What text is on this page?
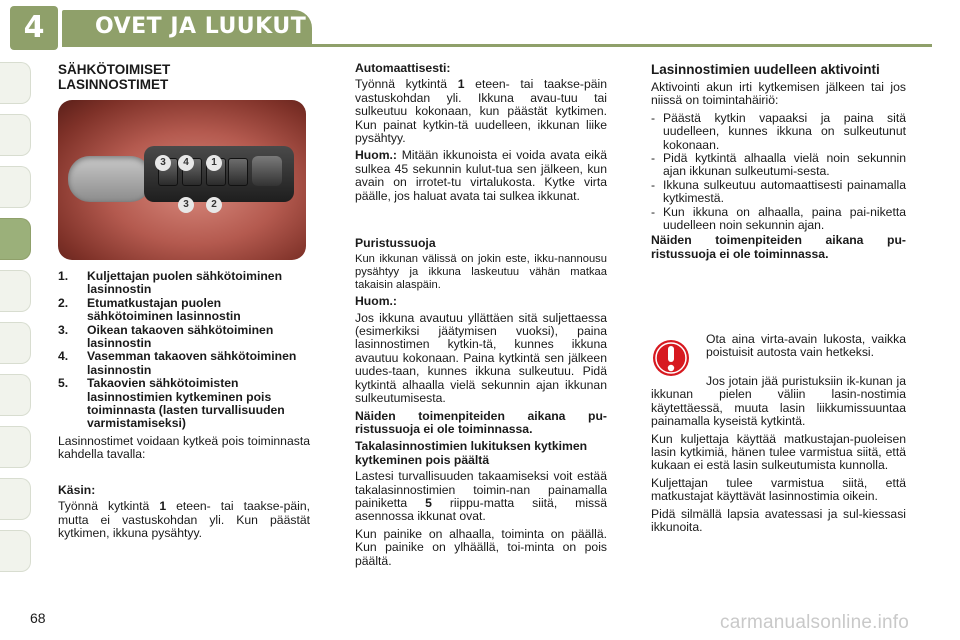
4	OVET JA LUUKUT
SÄHKÖTOIMISET LASINNOSTIMET
3	4	1
3	2
1. Kuljettajan puolen sähkötoiminen lasinnostin
2. Etumatkustajan puolen sähkötoiminen lasinnostin
3. Oikean takaoven sähkötoiminen lasinnostin
4. Vasemman takaoven sähkötoiminen lasinnostin
5. Takaovien sähkötoimisten lasinnostimien kytkeminen pois toiminnasta (lasten turvallisuuden varmistamiseksi)

Lasinnostimet voidaan kytkeä pois toiminnasta kahdella tavalla:

Käsin:

Työnnä kytkintä 1 eteen- tai taakse-päin, mutta ei vastuskohdan yli. Kun päästät kytkimen, ikkuna pysähtyy.

Automaattisesti:

Työnnä kytkintä 1 eteen- tai taakse-päin vastuskohdan yli. Ikkuna avau-tuu tai sulkeutuu kokonaan, kun päästät kytkimen. Kun painat kytkin-tä uudelleen, ikkunan liike pysähtyy.

Huom.: Mitään ikkunoista ei voida avata eikä sulkea 45 sekunnin kulut-tua sen jälkeen, kun avain on irrotet-tu virtalukosta. Kytke virta päälle, jos haluat avata tai sulkea ikkunat.

Puristussuoja

Kun ikkunan välissä on jokin este, ikku-nannousu pysähtyy ja ikkuna laskeutuu vähän matkaa takaisin alaspäin.

Huom.:

Jos ikkuna avautuu yllättäen sitä suljettaessa (esimerkiksi jäätymisen vuoksi), paina lasinnostimen kytkin-tä, kunnes ikkuna avautuu kokonaan. Paina kytkintä sen jälkeen uudes-taan, kunnes ikkuna sulkeutuu. Pidä kytkintä alhaalla vielä sekunnin ajan ikkunan sulkeutumisesta.

Näiden toimenpiteiden aikana pu-ristussuoja ei ole toiminnassa.

Takalasinnostimien lukituksen kytkimen kytkeminen pois päältä

Lastesi turvallisuuden takaamiseksi voit estää takalasinnostimien toimin-nan painamalla painiketta 5 riippu-matta siitä, missä asennossa ikkunat ovat.

Kun painike on alhaalla, toiminta on päällä. Kun painike on ylhäällä, toi-minta on pois päältä.

Lasinnostimien uudelleen aktivointi

Aktivointi akun irti kytkemisen jälkeen tai jos niissä on toimintahäiriö:

- Päästä kytkin vapaaksi ja paina sitä uudelleen, kunnes ikkuna on sulkeutunut kokonaan.
- Pidä kytkintä alhaalla vielä noin sekunnin ajan ikkunan sulkeutumi-sesta.
- Ikkuna sulkeutuu automaattisesti painamalla kytkimestä.
- Kun ikkuna on alhaalla, paina pai-niketta uudelleen noin sekunnin ajan.

Näiden toimenpiteiden aikana pu-ristussuoja ei ole toiminnassa.

Ota aina virta-avain lukosta, vaikka poistuisit autosta vain hetkeksi.

Jos jotain jää puristuksiin ik-kunan ja ikkunan pielen väliin lasin-nostimia käytettäessä, muuta lasin liikkumissuuntaa painamalla kyseistä kytkintä.

Kun kuljettaja käyttää matkustajan-puoleisen lasin kytkimiä, hänen tulee varmistua siitä, että kukaan ei estä lasin sulkeutumista kunnolla.

Kuljettajan tulee varmistua siitä, että matkustajat käyttävät lasinnostimia oikein.

Pidä silmällä lapsia avatessasi ja sul-kiessasi ikkunoita.

68	carmanualsonline.info
